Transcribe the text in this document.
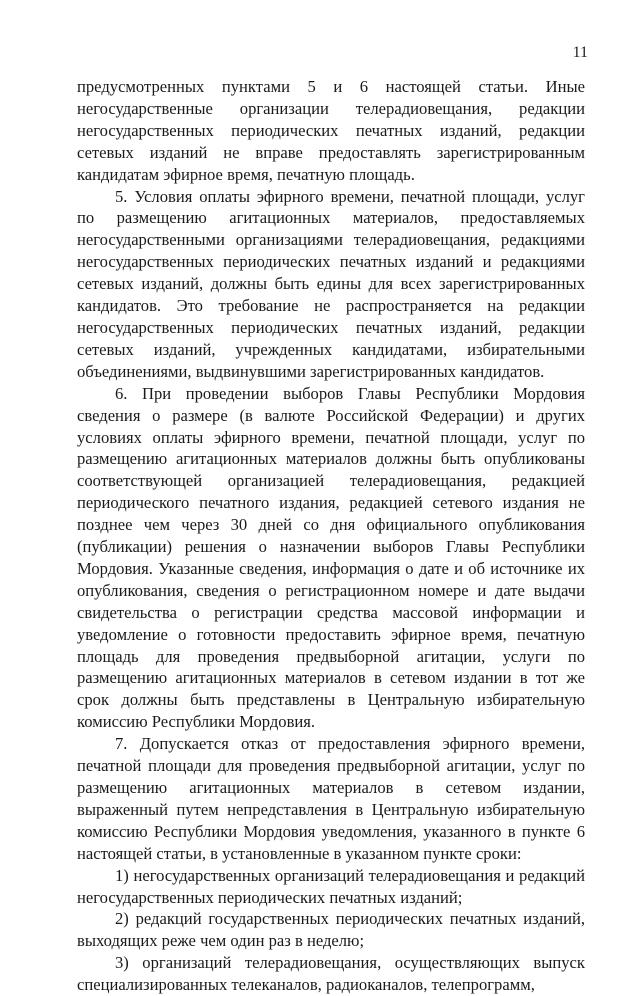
11

предусмотренных пунктами 5 и 6 настоящей статьи. Иные негосударственные организации телерадиовещания, редакции негосударственных периодических печатных изданий, редакции сетевых изданий не вправе предоставлять зарегистрированным кандидатам эфирное время, печатную площадь.

5. Условия оплаты эфирного времени, печатной площади, услуг по размещению агитационных материалов, предоставляемых негосударственными организациями телерадиовещания, редакциями негосударственных периодических печатных изданий и редакциями сетевых изданий, должны быть едины для всех зарегистрированных кандидатов. Это требование не распространяется на редакции негосударственных периодических печатных изданий, редакции сетевых изданий, учрежденных кандидатами, избирательными объединениями, выдвинувшими зарегистрированных кандидатов.

6. При проведении выборов Главы Республики Мордовия сведения о размере (в валюте Российской Федерации) и других условиях оплаты эфирного времени, печатной площади, услуг по размещению агитационных материалов должны быть опубликованы соответствующей организацией телерадиовещания, редакцией периодического печатного издания, редакцией сетевого издания не позднее чем через 30 дней со дня официального опубликования (публикации) решения о назначении выборов Главы Республики Мордовия. Указанные сведения, информация о дате и об источнике их опубликования, сведения о регистрационном номере и дате выдачи свидетельства о регистрации средства массовой информации и уведомление о готовности предоставить эфирное время, печатную площадь для проведения предвыборной агитации, услуги по размещению агитационных материалов в сетевом издании в тот же срок должны быть представлены в Центральную избирательную комиссию Республики Мордовия.

7. Допускается отказ от предоставления эфирного времени, печатной площади для проведения предвыборной агитации, услуг по размещению агитационных материалов в сетевом издании, выраженный путем непредставления в Центральную избирательную комиссию Республики Мордовия уведомления, указанного в пункте 6 настоящей статьи, в установленные в указанном пункте сроки:

1) негосударственных организаций телерадиовещания и редакций негосударственных периодических печатных изданий;

2) редакций государственных периодических печатных изданий, выходящих реже чем один раз в неделю;

3) организаций телерадиовещания, осуществляющих выпуск специализированных телеканалов, радиоканалов, телепрограмм,
